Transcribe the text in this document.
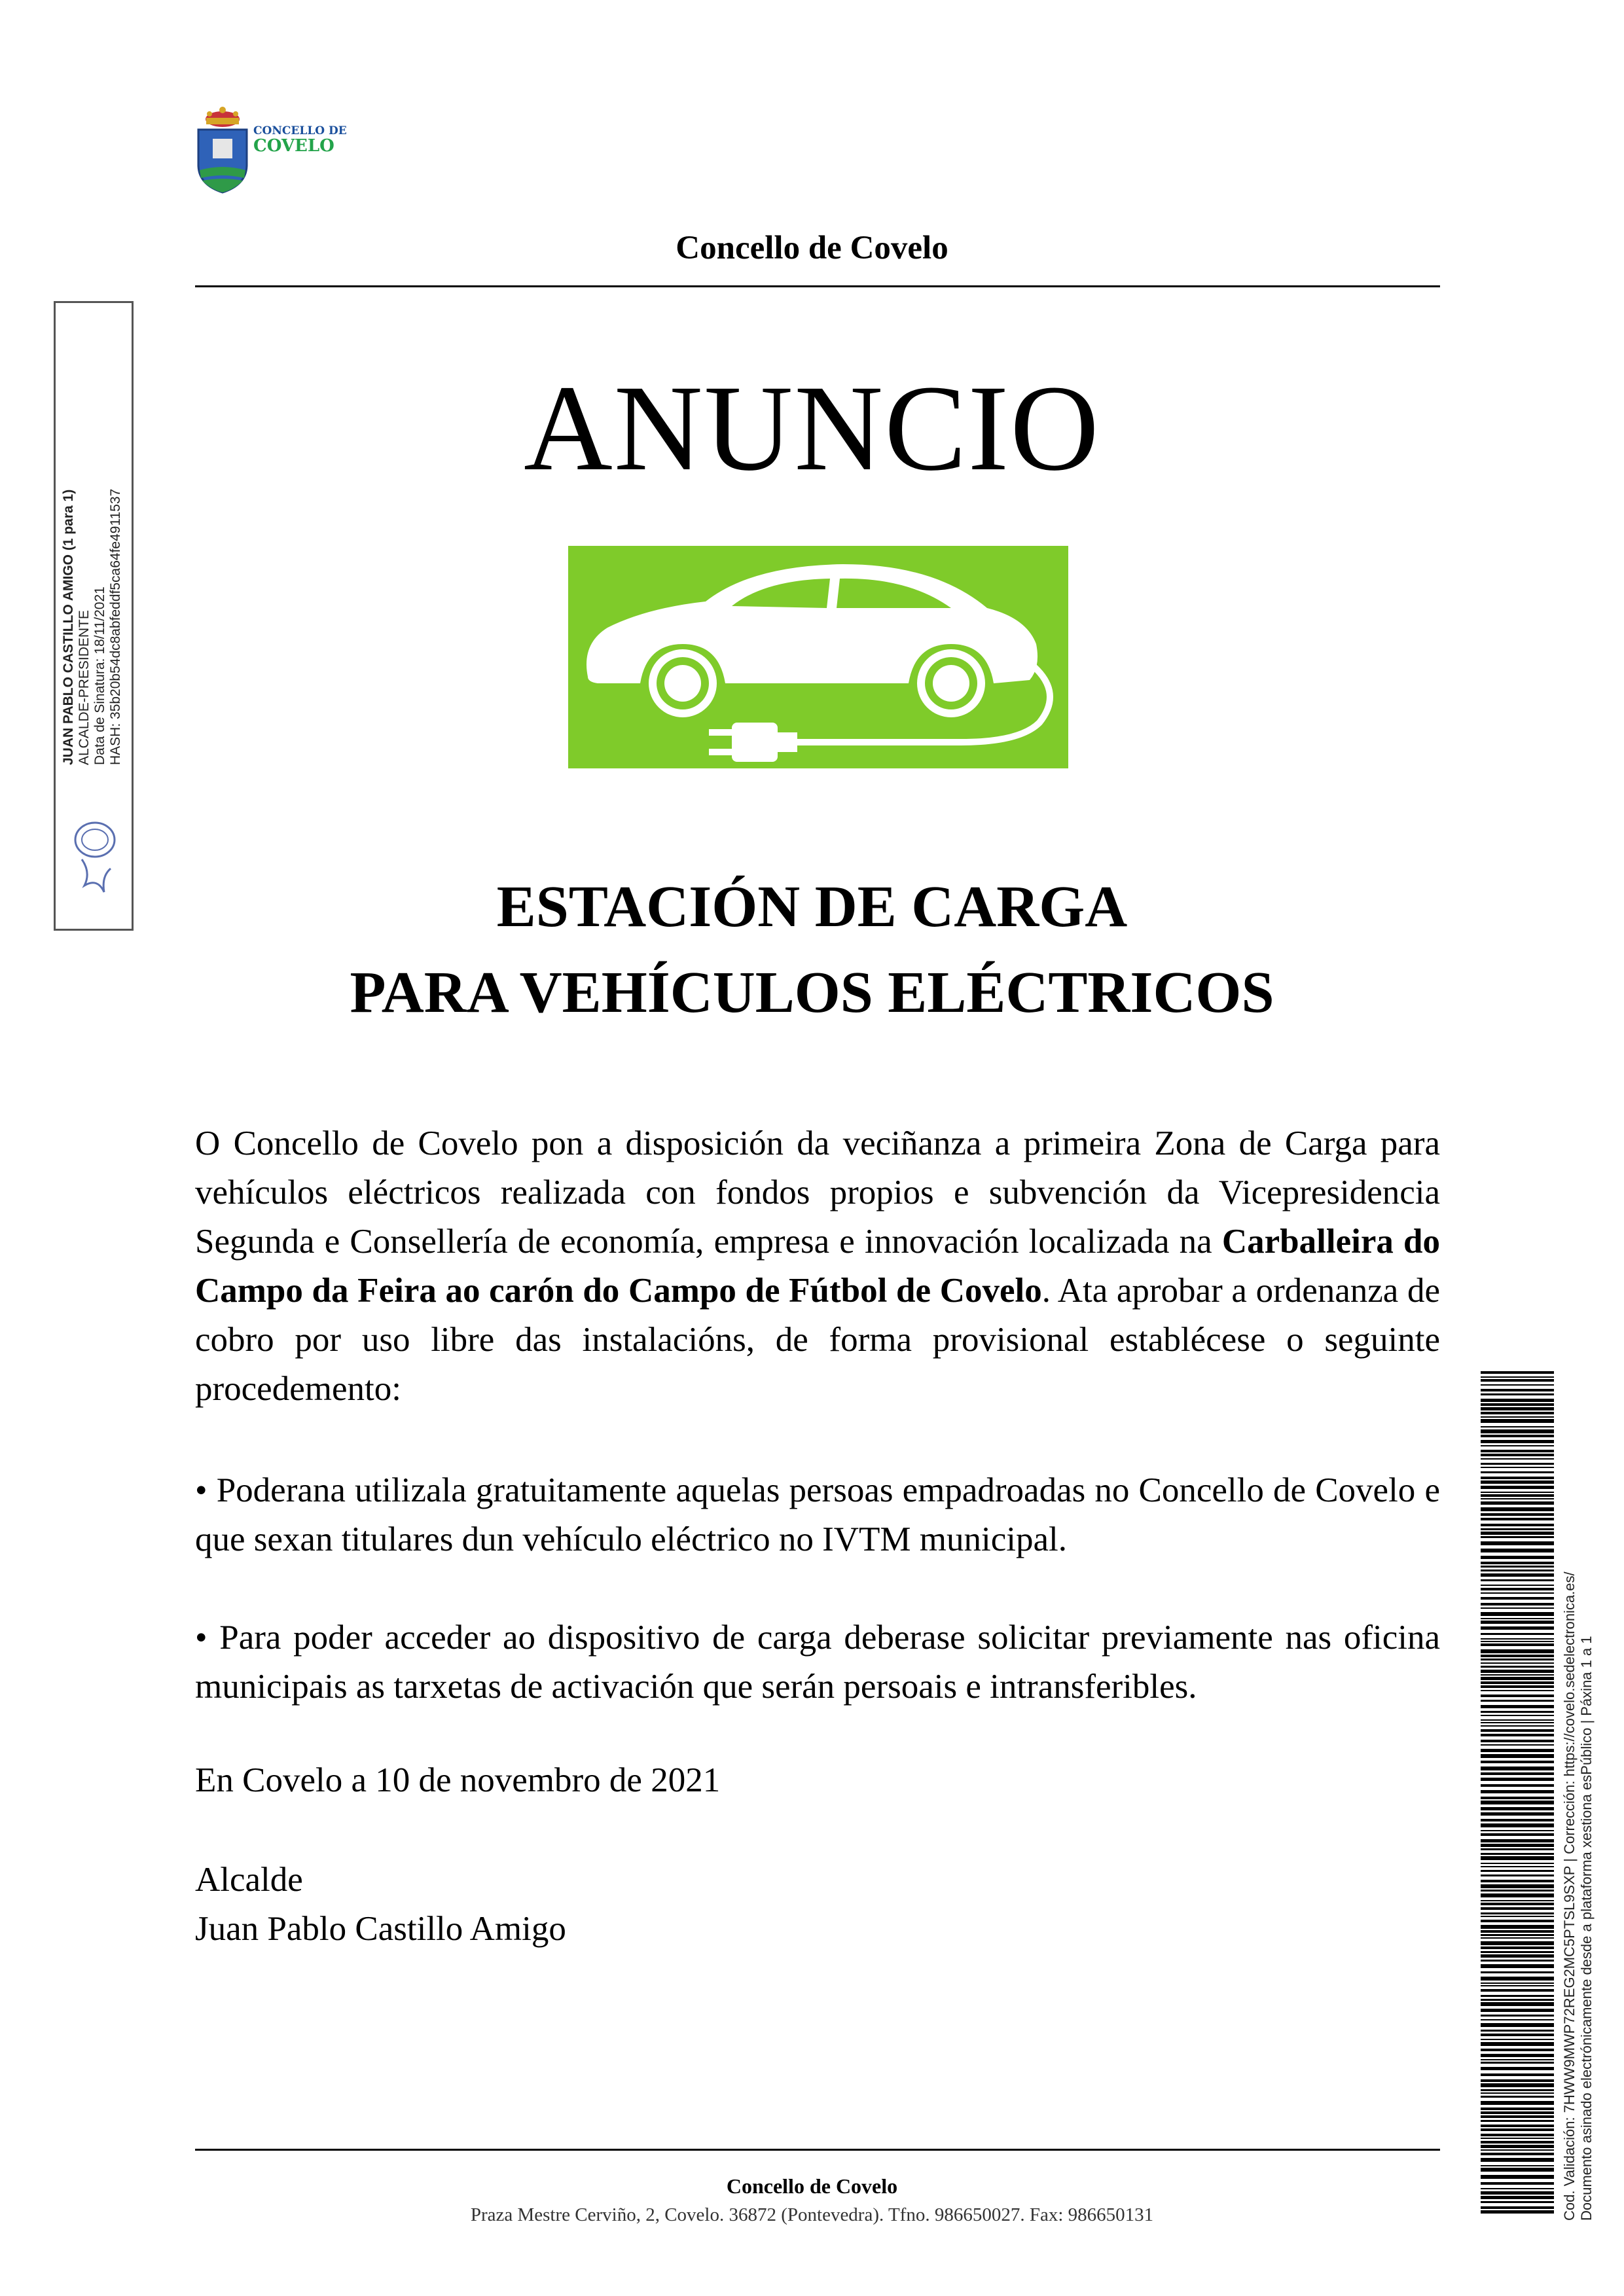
CONCELLO DE
COVELO
Concello de Covelo
JUAN PABLO CASTILLO AMIGO (1 para 1) ALCALDE-PRESIDENTE Data de Sinatura: 18/11/2021 HASH: 35b20b54dc8abfeddf5ca64fe4911537
ANUNCIO
ESTACIÓN DE CARGA
PARA VEHÍCULOS ELÉCTRICOS
O Concello de Covelo pon a disposición da veciñanza a primeira Zona de Carga para vehículos eléctricos realizada con fondos propios e subvención da Vicepresidencia Segunda e Consellería de economía, empresa e innovación localizada na Carballeira do Campo da Feira ao carón do Campo de Fútbol de Covelo. Ata aprobar a ordenanza de cobro por uso libre das instalacións, de forma provisional establécese o seguinte procedemento:
• Poderana utilizala gratuitamente aquelas persoas empadroadas no Concello de Covelo e que sexan titulares dun vehículo eléctrico no IVTM municipal.
• Para poder acceder ao dispositivo de carga deberase solicitar previamente nas oficina municipais as tarxetas de activación que serán persoais e intransferibles.
En Covelo a 10 de novembro de 2021
Alcalde
Juan Pablo Castillo Amigo
Concello de Covelo
Praza Mestre Cerviño, 2, Covelo. 36872 (Pontevedra). Tfno. 986650027. Fax: 986650131	Cod. Validación: 7HWW9MWP72REG2MC5PTSL9SXP | Corrección: https://covelo.sedelectronica.es/ Documento asinado electrónicamente desde a plataforma xestiona esPúblico | Páxina 1 a 1
